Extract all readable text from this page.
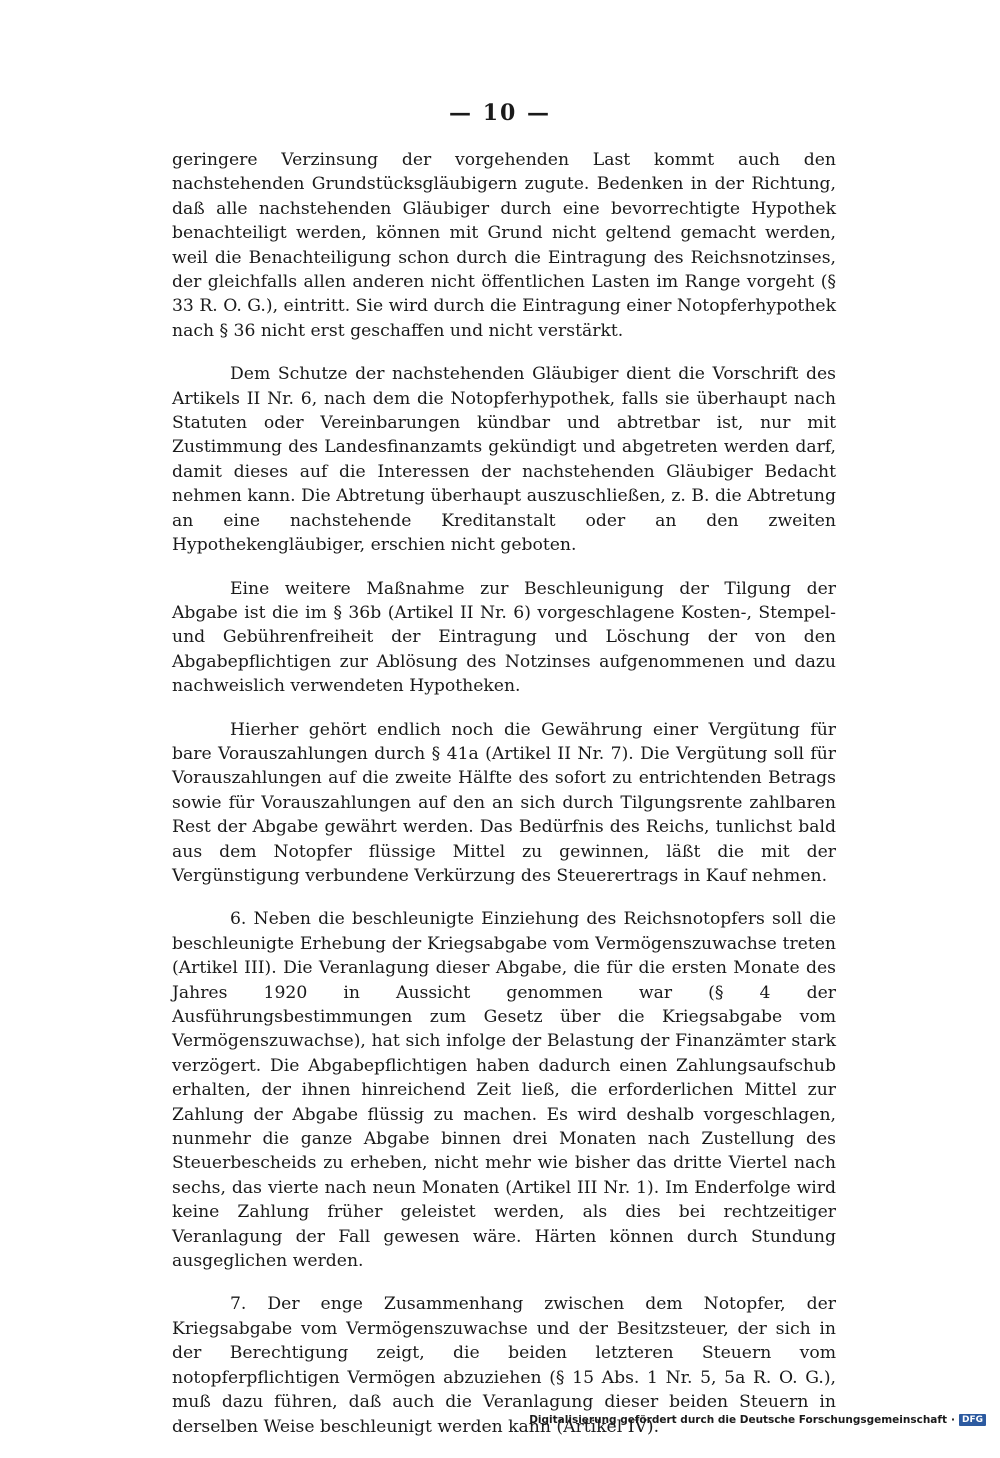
— 10 —

geringere Verzinsung der vorgehenden Last kommt auch den nachstehenden Grundstücksgläubigern zugute. Bedenken in der Richtung, daß alle nachstehenden Gläubiger durch eine bevorrechtigte Hypothek benachteiligt werden, können mit Grund nicht geltend gemacht werden, weil die Benachteiligung schon durch die Eintragung des Reichsnotzinses, der gleichfalls allen anderen nicht öffentlichen Lasten im Range vorgeht (§ 33 R. O. G.), eintritt. Sie wird durch die Eintragung einer Notopferhypothek nach § 36 nicht erst geschaffen und nicht verstärkt.

Dem Schutze der nachstehenden Gläubiger dient die Vorschrift des Artikels II Nr. 6, nach dem die Notopferhypothek, falls sie überhaupt nach Statuten oder Vereinbarungen kündbar und abtretbar ist, nur mit Zustimmung des Landesfinanzamts gekündigt und abgetreten werden darf, damit dieses auf die Interessen der nachstehenden Gläubiger Bedacht nehmen kann. Die Abtretung überhaupt auszuschließen, z. B. die Abtretung an eine nachstehende Kreditanstalt oder an den zweiten Hypothekengläubiger, erschien nicht geboten.

Eine weitere Maßnahme zur Beschleunigung der Tilgung der Abgabe ist die im § 36b (Artikel II Nr. 6) vorgeschlagene Kosten-, Stempel- und Gebührenfreiheit der Eintragung und Löschung der von den Abgabepflichtigen zur Ablösung des Notzinses aufgenommenen und dazu nachweislich verwendeten Hypotheken.

Hierher gehört endlich noch die Gewährung einer Vergütung für bare Vorauszahlungen durch § 41a (Artikel II Nr. 7). Die Vergütung soll für Vorauszahlungen auf die zweite Hälfte des sofort zu entrichtenden Betrags sowie für Vorauszahlungen auf den an sich durch Tilgungsrente zahlbaren Rest der Abgabe gewährt werden. Das Bedürfnis des Reichs, tunlichst bald aus dem Notopfer flüssige Mittel zu gewinnen, läßt die mit der Vergünstigung verbundene Verkürzung des Steuerertrags in Kauf nehmen.

6. Neben die beschleunigte Einziehung des Reichsnotopfers soll die beschleunigte Erhebung der Kriegsabgabe vom Vermögenszuwachse treten (Artikel III). Die Veranlagung dieser Abgabe, die für die ersten Monate des Jahres 1920 in Aussicht genommen war (§ 4 der Ausführungsbestimmungen zum Gesetz über die Kriegsabgabe vom Vermögenszuwachse), hat sich infolge der Belastung der Finanzämter stark verzögert. Die Abgabepflichtigen haben dadurch einen Zahlungsaufschub erhalten, der ihnen hinreichend Zeit ließ, die erforderlichen Mittel zur Zahlung der Abgabe flüssig zu machen. Es wird deshalb vorgeschlagen, nunmehr die ganze Abgabe binnen drei Monaten nach Zustellung des Steuerbescheids zu erheben, nicht mehr wie bisher das dritte Viertel nach sechs, das vierte nach neun Monaten (Artikel III Nr. 1). Im Enderfolge wird keine Zahlung früher geleistet werden, als dies bei rechtzeitiger Veranlagung der Fall gewesen wäre. Härten können durch Stundung ausgeglichen werden.

7. Der enge Zusammenhang zwischen dem Notopfer, der Kriegsabgabe vom Vermögenszuwachse und der Besitzsteuer, der sich in der Berechtigung zeigt, die beiden letzteren Steuern vom notopferpflichtigen Vermögen abzuziehen (§ 15 Abs. 1 Nr. 5, 5a R. O. G.), muß dazu führen, daß auch die Veranlagung dieser beiden Steuern in derselben Weise beschleunigt werden kann (Artikel IV).

Digitalisierung gefördert durch die Deutsche Forschungsgemeinschaft · DFG
